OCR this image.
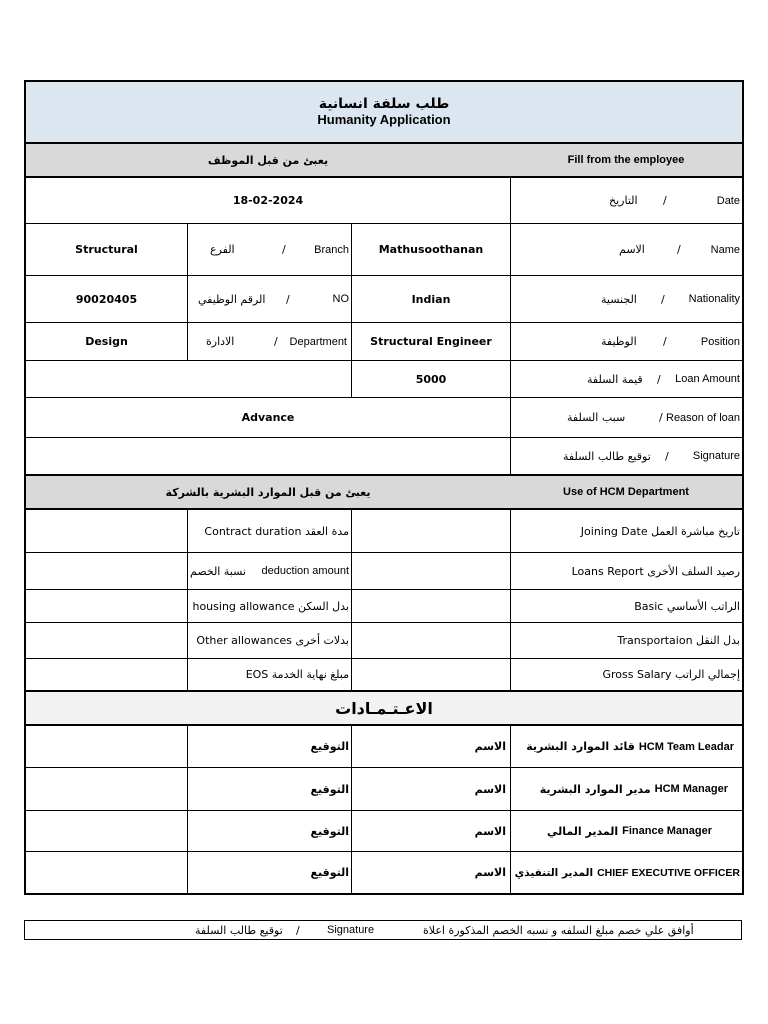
طلب سلفة انسانية
Humanity Application
يعبئ من قبل الموظف	Fill from the employee
18-02-2024	التاريخ /	Date
Structural	الفرع	/	Branch	Mathusoothanan	الاسم	/	Name
90020405	الرقم الوظيفي /	NO	Indian	الجنسية / Nationality
Design	الادارة	/ Department	Structural Engineer	الوظيفة /	Position
5000	قيمة السلفة / Loan Amount
Advance	سبب السلفة	/ Reason of loan
توقيع طالب السلفة / Signature
يعبئ من قبل الموارد البشرية بالشركة	Use of HCM Department
Contract duration مدة العقد	Joining Date تاريخ مباشرة العمل
نسبة الخصم deduction amount	Loans Report رصيد السلف الأخرى
housing allowance بدل السكن	Basic الراتب الأساسي
Other allowances بدلات أخرى	Transportaion بدل النقل
EOS مبلغ نهاية الخدمة	Gross Salary إجمالي الراتب
الاعـتـمـادات
التوقيع	الاسم	قائد الموارد البشرية HCM Team Leadar
التوقيع	الاسم	مدير الموارد البشرية HCM Manager
التوقيع	الاسم	المدير المالي Finance Manager
التوقيع	الاسم المدير التنفيذي CHIEF EXECUTIVE OFFICER
توقيع طالب السلفة / Signature	أوافق علي خصم مبلغ السلفه و نسبه الخصم المذكورة اعلاة
